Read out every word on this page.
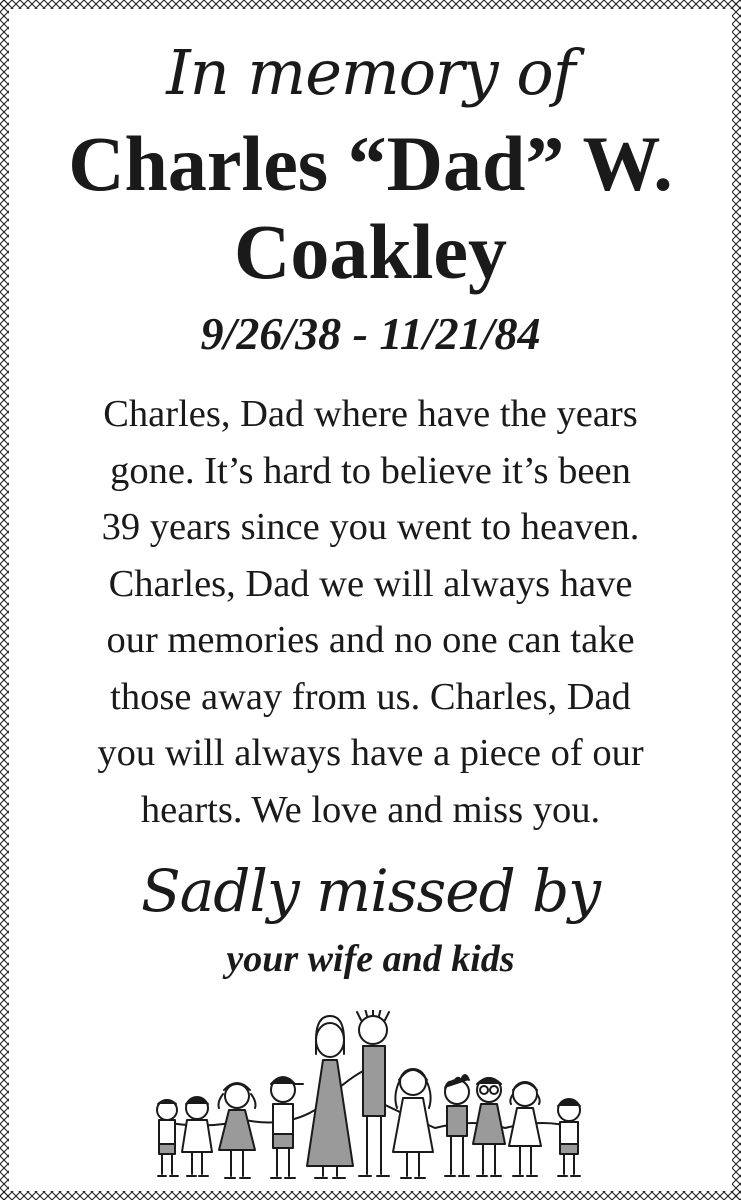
In memory of
Charles “Dad” W.
Coakley
9/26/38 - 11/21/84
Charles, Dad where have the years
gone. It’s hard to believe it’s been
39 years since you went to heaven.
Charles, Dad we will always have
our memories and no one can take
those away from us. Charles, Dad
you will always have a piece of our
hearts. We love and miss you.
Sadly missed by
your wife and kids
